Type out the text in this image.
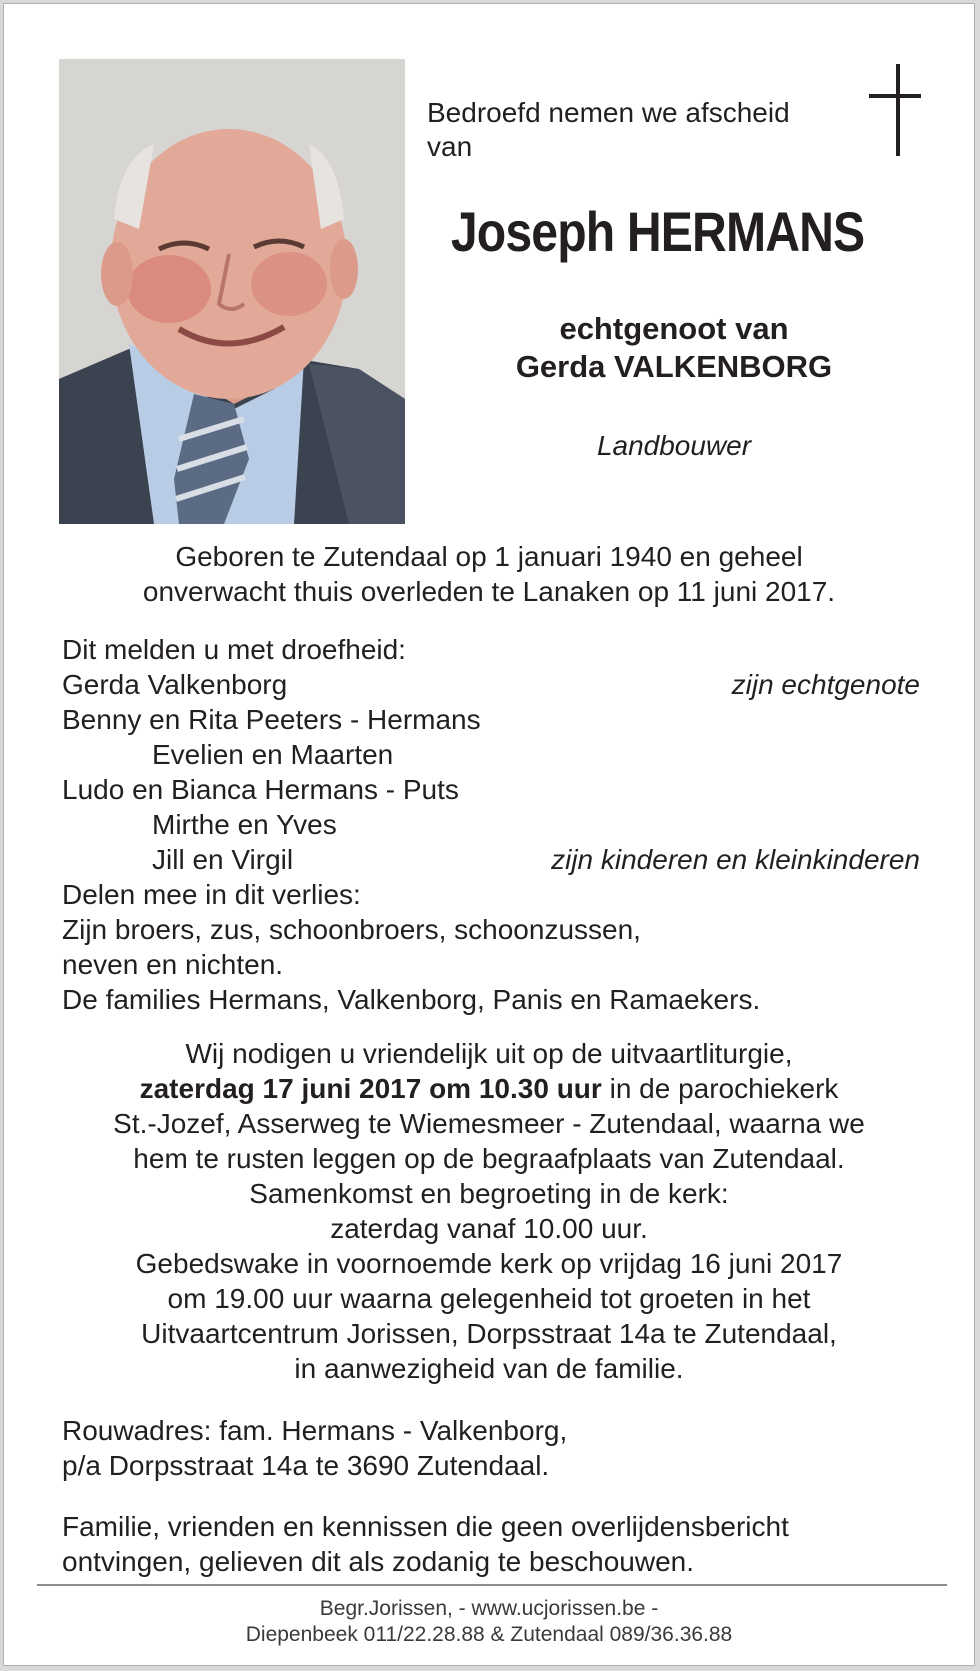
Bedroefd nemen we afscheid
van
Joseph HERMANS
echtgenoot van
Gerda VALKENBORG
Landbouwer
Geboren te Zutendaal op 1 januari 1940 en geheel
onverwacht thuis overleden te Lanaken op 11 juni 2017.
Dit melden u met droefheid:
Gerda Valkenborg	zijn echtgenote
Benny en Rita Peeters - Hermans
Evelien en Maarten
Ludo en Bianca Hermans - Puts
Mirthe en Yves
Jill en Virgil	zijn kinderen en kleinkinderen
Delen mee in dit verlies:
Zijn broers, zus, schoonbroers, schoonzussen,
neven en nichten.
De families Hermans, Valkenborg, Panis en Ramaekers.
Wij nodigen u vriendelijk uit op de uitvaartliturgie,
zaterdag 17 juni 2017 om 10.30 uur in de parochiekerk
St.-Jozef, Asserweg te Wiemesmeer - Zutendaal, waarna we
hem te rusten leggen op de begraafplaats van Zutendaal.
Samenkomst en begroeting in de kerk:
zaterdag vanaf 10.00 uur.
Gebedswake in voornoemde kerk op vrijdag 16 juni 2017
om 19.00 uur waarna gelegenheid tot groeten in het
Uitvaartcentrum Jorissen, Dorpsstraat 14a te Zutendaal,
in aanwezigheid van de familie.
Rouwadres: fam. Hermans - Valkenborg,
p/a Dorpsstraat 14a te 3690 Zutendaal.
Familie, vrienden en kennissen die geen overlijdensbericht
ontvingen, gelieven dit als zodanig te beschouwen.
Begr.Jorissen, - www.ucjorissen.be -
Diepenbeek 011/22.28.88 & Zutendaal 089/36.36.88
